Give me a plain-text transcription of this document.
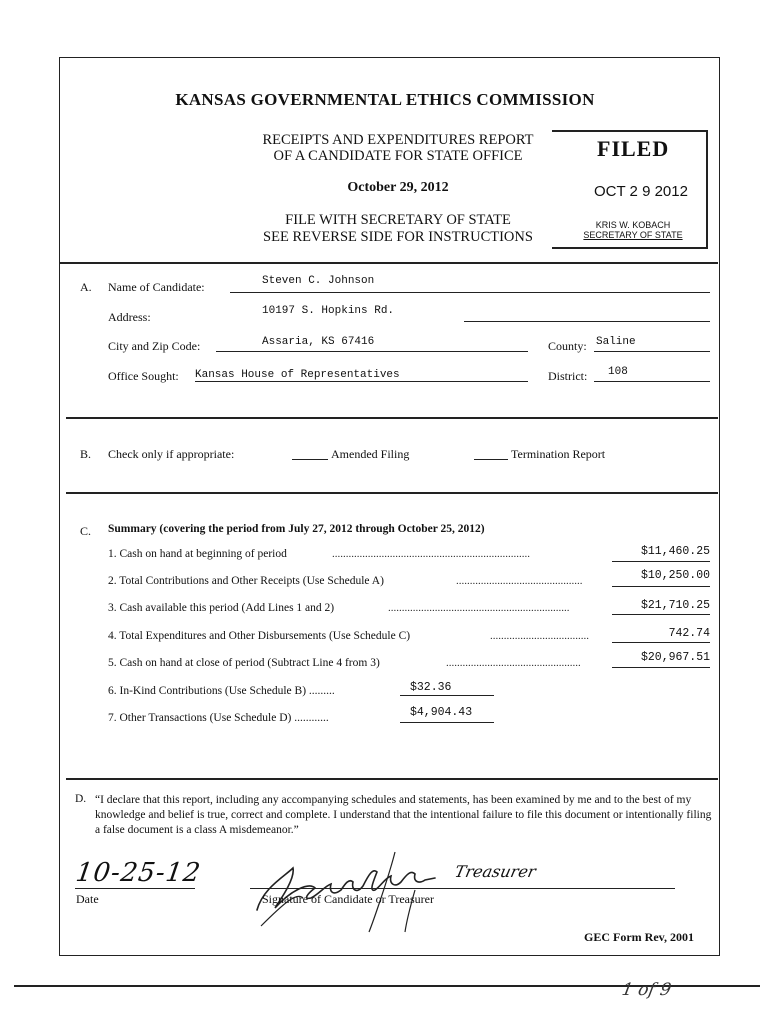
KANSAS GOVERNMENTAL ETHICS COMMISSION
RECEIPTS AND EXPENDITURES REPORT
OF A CANDIDATE FOR STATE OFFICE
October 29, 2012
FILE WITH SECRETARY OF STATE
SEE REVERSE SIDE FOR INSTRUCTIONS
FILED
OCT 2 9 2012
KRIS W. KOBACH
SECRETARY OF STATE
A. Name of Candidate:	Steven C. Johnson
Address:	10197 S. Hopkins Rd.
City and Zip Code:	Assaria, KS 67416	County: Saline
Office Sought: Kansas House of Representatives	District: 108
B. Check only if appropriate:	Amended Filing	Termination Report
C. Summary (covering the period from July 27, 2012 through October 25, 2012)
1. Cash on hand at beginning of period	........................................................................	$11,460.25
2. Total Contributions and Other Receipts (Use Schedule A)	..............................................	$10,250.00
3. Cash available this period (Add Lines 1 and 2)	..................................................................	$21,710.25
4. Total Expenditures and Other Disbursements (Use Schedule C)	....................................	742.74
5. Cash on hand at close of period (Subtract Line 4 from 3)	.................................................	$20,967.51
6. In-Kind Contributions (Use Schedule B) .........	$32.36
7. Other Transactions (Use Schedule D) ............	$4,904.43
D. “I declare that this report, including any accompanying schedules and statements, has been examined by me and to the best of my knowledge and belief is true, correct and complete. I understand that the intentional failure to file this document or intentionally filing a false document is a class A misdemeanor.”
10-25-12
Date
Treasurer
Signature of Candidate or Treasurer
GEC Form Rev, 2001
1 of 9
